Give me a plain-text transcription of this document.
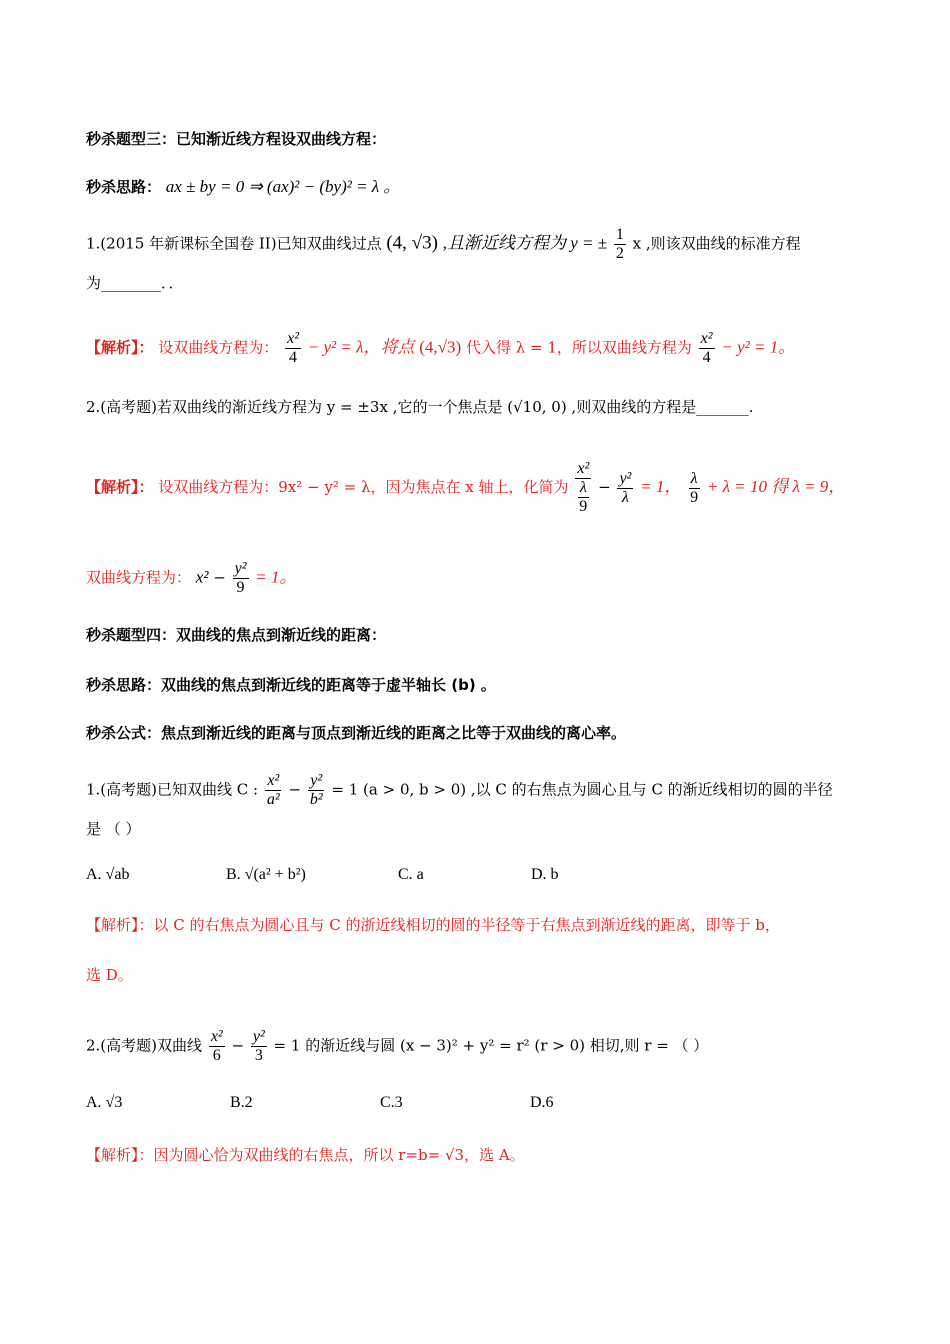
秒杀题型三：已知渐近线方程设双曲线方程：
秒杀思路： ax ± by = 0 ⇒ (ax)² − (by)² = λ 。
1.(2015 年新课标全国卷 II)已知双曲线过点 (4, √3) ,且渐近线方程为 y = ± $\frac{1}{2}$ x ,则该双曲线的标准方程
为________．．
【解析】： 设双曲线方程为： $\frac{\text{x²}}{4} - y^2 = \lambda$，将点 (4,√3) 代入得 λ = 1，所以双曲线方程为 $\frac{\text{x²}}{4} - y^2 = 1$。
2.(高考题)若双曲线的渐近线方程为 y = ±3x ,它的一个焦点是 (√10, 0) ,则双曲线的方程是_______.
【解析】： 设双曲线方程为：9x² − y² = λ，因为焦点在 x 轴上，化简为 $\frac{\text{x²}}{\frac{\lambda}{9}} - \frac{\text{y²}}{\lambda} = 1$， $\frac{\lambda}{9} + \lambda = 10$ 得 λ = 9，
双曲线方程为： $x^2 - \frac{\text{y²}}{9} = 1$。
秒杀题型四：双曲线的焦点到渐近线的距离：
秒杀思路：双曲线的焦点到渐近线的距离等于虚半轴长 (b) 。
秒杀公式：焦点到渐近线的距离与顶点到渐近线的距离之比等于双曲线的离心率。
1.(高考题)已知双曲线 C : $\frac{\text{x²}}{\text{a²}} - \frac{\text{y²}}{\text{b²}} = 1$ (a > 0, b > 0) ,以 C 的右焦点为圆心且与 C 的渐近线相切的圆的半径
是 （ ）
A. √ab	B. √(a² + b²)	C. a	D. b
【解析】：以 C 的右焦点为圆心且与 C 的浙近线相切的圆的半径等于右焦点到渐近线的距离，即等于 b，
选 D。
2.(高考题)双曲线 $\frac{\text{x²}}{6} - \frac{\text{y²}}{3} = 1$ 的渐近线与圆 (x − 3)² + y² = r² (r > 0) 相切,则 r = （ ）
A. √3	B.2	C.3	D.6
【解析】：因为圆心恰为双曲线的右焦点，所以 r=b= √3，选 A。
